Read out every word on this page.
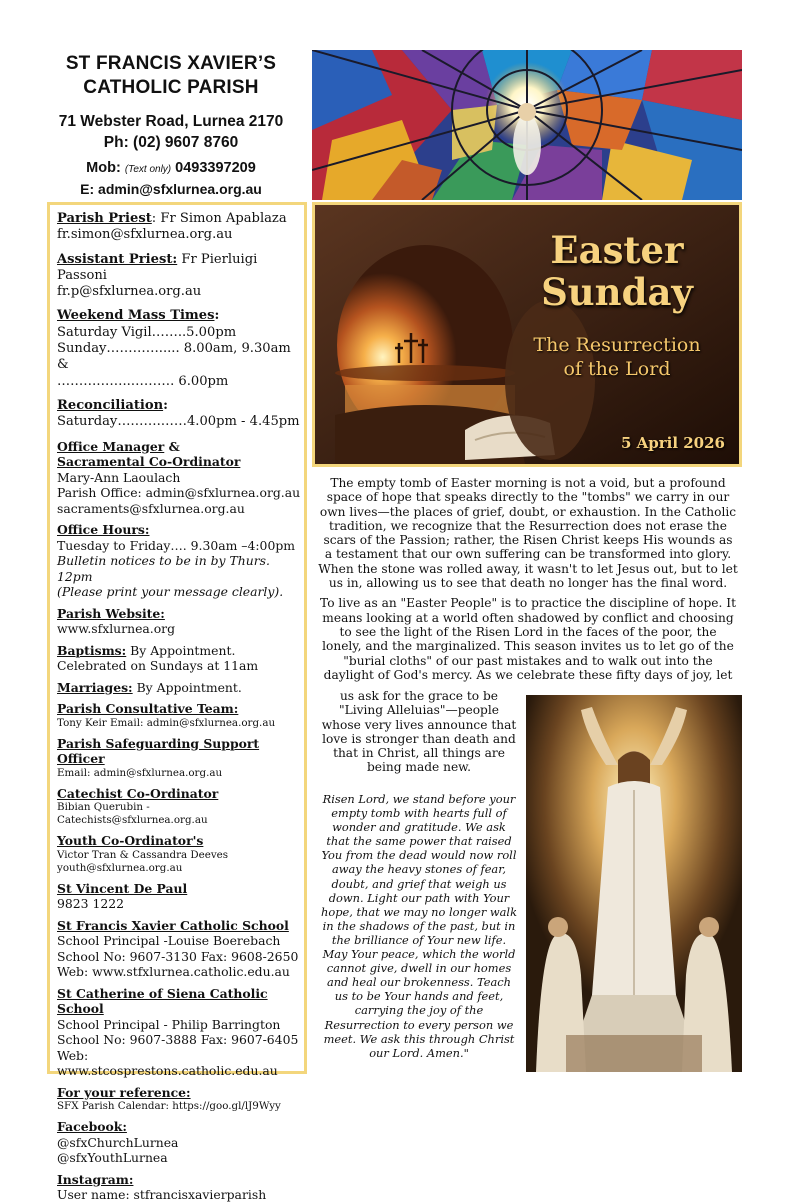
ST FRANCIS XAVIER’S
CATHOLIC PARISH
71 Webster Road, Lurnea 2170
Ph: (02) 9607 8760
Mob: (Text only) 0493397209
E: admin@sfxlurnea.org.au
Parish Priest: Fr Simon Apablaza
fr.simon@sfxlurnea.org.au
Assistant Priest: Fr Pierluigi Passoni
fr.p@sfxlurnea.org.au
Weekend Mass Times:
Saturday Vigil……..5.00pm
Sunday…………..... 8.00am, 9.30am &
……………..………. 6.00pm
Reconciliation:
Saturday……….……4.00pm - 4.45pm
Office Manager &
Sacramental Co-Ordinator
Mary-Ann Laoulach
Parish Office: admin@sfxlurnea.org.au
sacraments@sfxlurnea.org.au
Office Hours:
Tuesday to Friday…. 9.30am –4:00pm
Bulletin notices to be in by Thurs. 12pm
(Please print your message clearly).
Parish Website:
www.sfxlurnea.org
Baptisms: By Appointment.
Celebrated on Sundays at 11am
Marriages: By Appointment.
Parish Consultative Team:
Tony Keir Email: admin@sfxlurnea.org.au
Parish Safeguarding Support Officer
Email: admin@sfxlurnea.org.au
Catechist Co-Ordinator
Bibian Querubin -
Catechists@sfxlurnea.org.au
Youth Co-Ordinator's
Victor Tran & Cassandra Deeves
youth@sfxlurnea.org.au
St Vincent De Paul
9823 1222
St Francis Xavier Catholic School
School Principal -Louise Boerebach
School No: 9607-3130 Fax: 9608-2650
Web: www.stfxlurnea.catholic.edu.au
St Catherine of Siena Catholic School
School Principal - Philip Barrington
School No: 9607-3888 Fax: 9607-6405
Web: www.stcosprestons.catholic.edu.au
For your reference:
SFX Parish Calendar: https://goo.gl/lJ9Wyy
Facebook:
@sfxChurchLurnea
@sfxYouthLurnea
Instagram:
User name: stfrancisxavierparish
Easter
Sunday
The Resurrection
of the Lord
5 April 2026

The empty tomb of Easter morning is not a void, but a profound space of hope that speaks directly to the "tombs" we carry in our own lives—the places of grief, doubt, or exhaustion. In the Catholic tradition, we recognize that the Resurrection does not erase the scars of the Passion; rather, the Risen Christ keeps His wounds as a testament that our own suffering can be transformed into glory. When the stone was rolled away, it wasn't to let Jesus out, but to let us in, allowing us to see that death no longer has the final word.

To live as an "Easter People" is to practice the discipline of hope. It means looking at a world often shadowed by conflict and choosing to see the light of the Risen Lord in the faces of the poor, the lonely, and the marginalized. This season invites us to let go of the "burial cloths" of our past mistakes and to walk out into the daylight of God's mercy. As we celebrate these fifty days of joy, let

us ask for the grace to be "Living Alleluias"—people whose very lives announce that love is stronger than death and that in Christ, all things are being made new.
Risen Lord, we stand before your empty tomb with hearts full of wonder and gratitude. We ask that the same power that raised You from the dead would now roll away the heavy stones of fear, doubt, and grief that weigh us down. Light our path with Your hope, that we may no longer walk in the shadows of the past, but in the brilliance of Your new life. May Your peace, which the world cannot give, dwell in our homes and heal our brokenness. Teach us to be Your hands and feet, carrying the joy of the Resurrection to every person we meet. We ask this through Christ our Lord. Amen."
